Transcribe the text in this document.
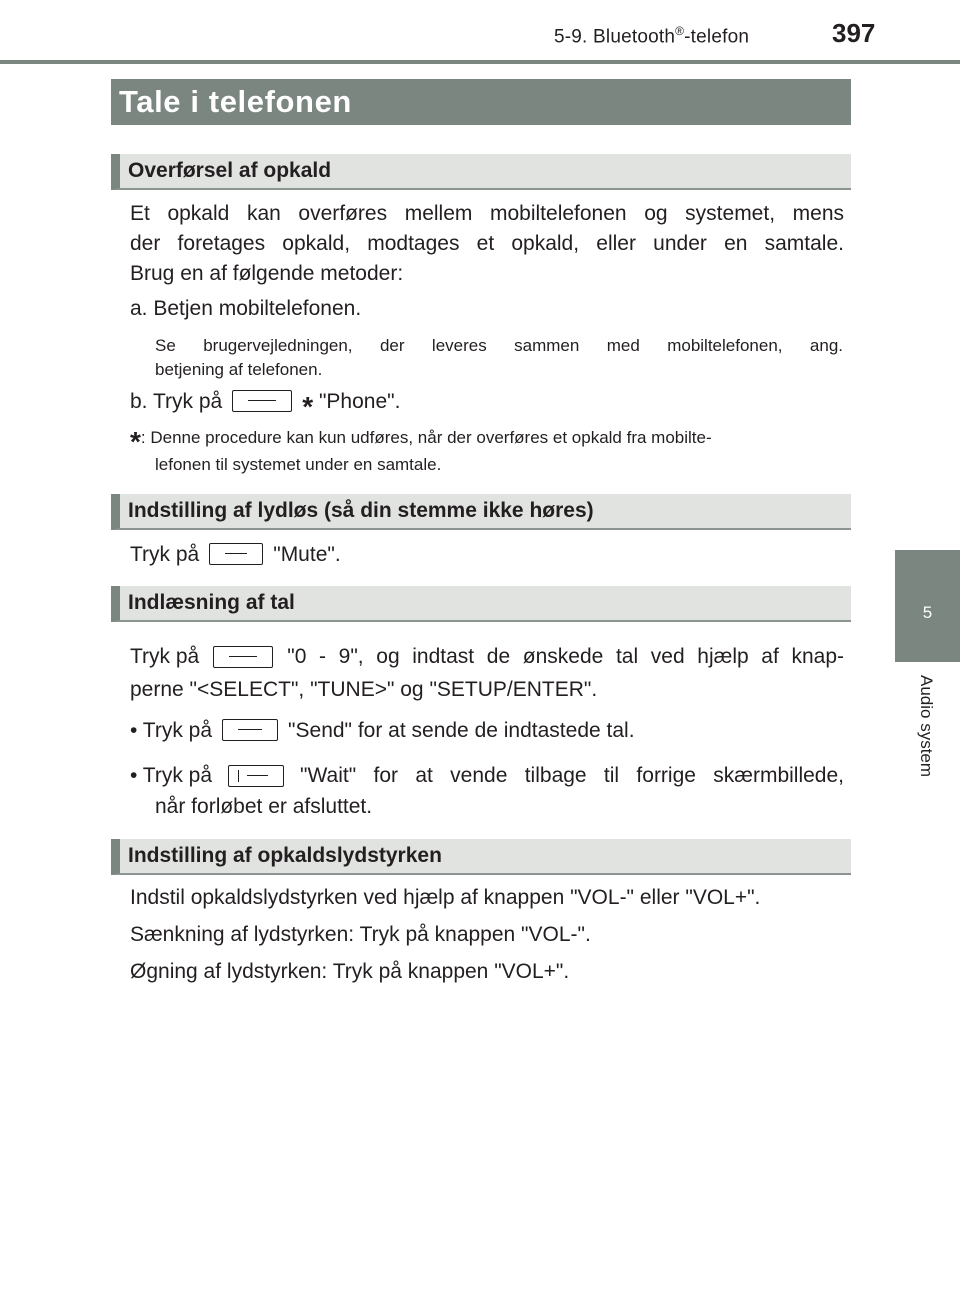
5-9. Bluetooth®-telefon	397
5
Audio system
Tale i telefonen
Overførsel af opkald
Et opkald kan overføres mellem mobiltelefonen og systemet, mens
der foretages opkald, modtages et opkald, eller under en samtale.
Brug en af følgende metoder:
a. Betjen mobiltelefonen.
Se brugervejledningen, der leveres sammen med mobiltelefonen, ang.
betjening af telefonen.
b. Tryk på	* "Phone".
*: Denne procedure kan kun udføres, når der overføres et opkald fra mobilte-
lefonen til systemet under en samtale.
Indstilling af lydløs (så din stemme ikke høres)
Tryk på	"Mute".
Indlæsning af tal
Tryk på	"0 - 9", og indtast de ønskede tal ved hjælp af knap-
perne "<SELECT", "TUNE>" og "SETUP/ENTER".
• Tryk på	"Send" for at sende de indtastede tal.
• Tryk på	"Wait" for at vende tilbage til forrige skærmbillede,
når forløbet er afsluttet.
Indstilling af opkaldslydstyrken
Indstil opkaldslydstyrken ved hjælp af knappen "VOL-" eller "VOL+".
Sænkning af lydstyrken: Tryk på knappen "VOL-".
Øgning af lydstyrken: Tryk på knappen "VOL+".
